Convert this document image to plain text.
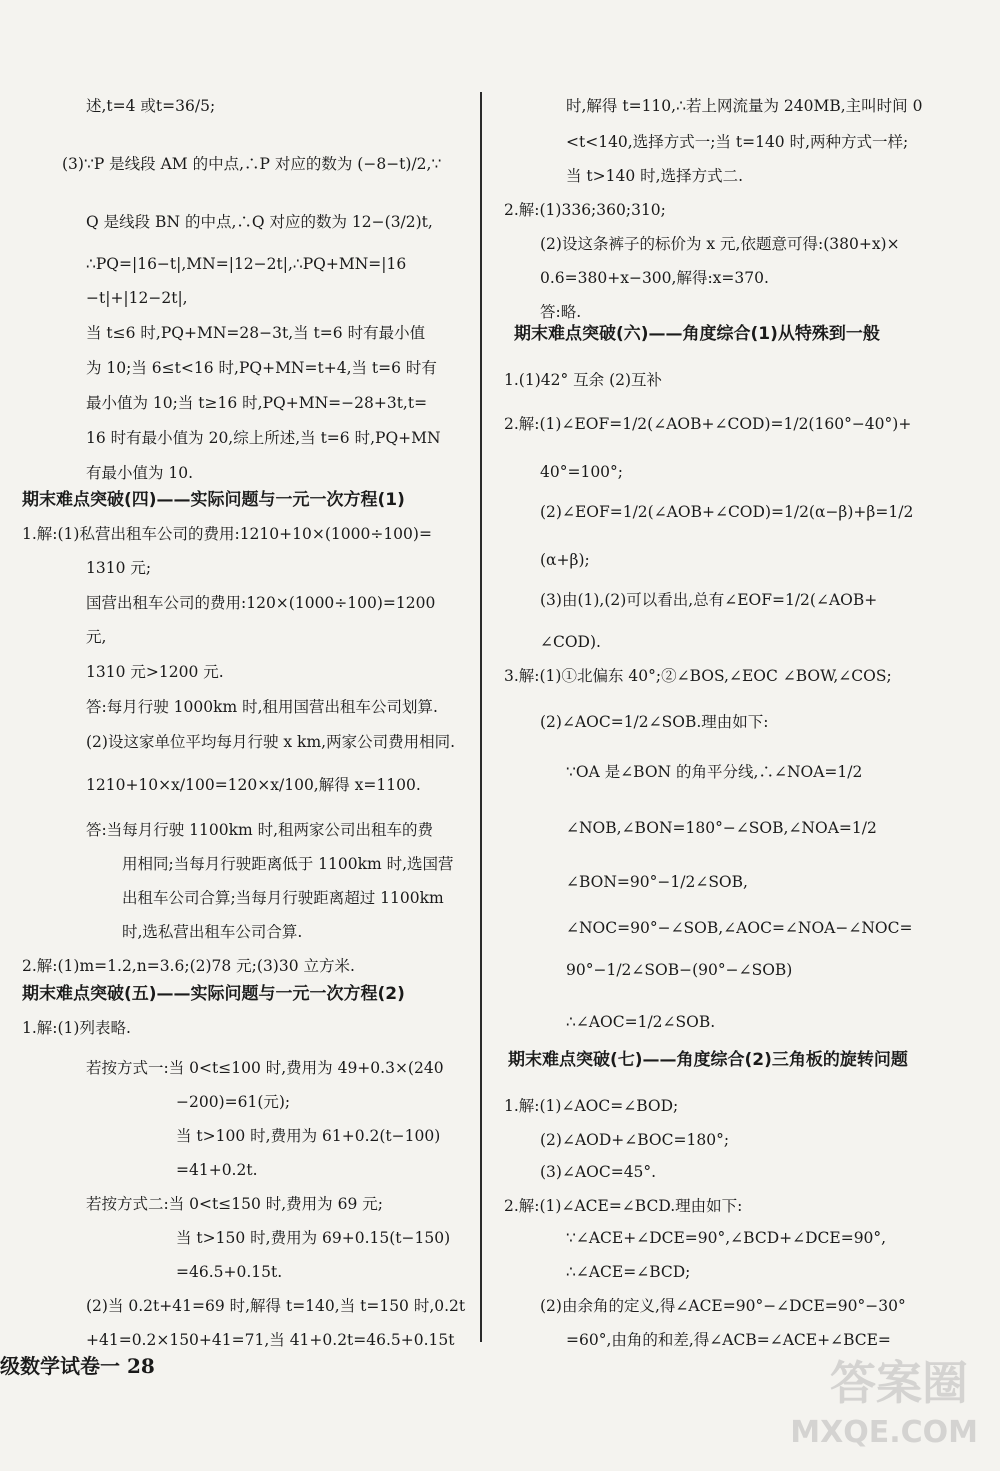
述,t=4 或t=36/5;
(3)∵P 是线段 AM 的中点,∴P 对应的数为 (−8−t)/2,∵
Q 是线段 BN 的中点,∴Q 对应的数为 12−(3/2)t,
∴PQ=|16−t|,MN=|12−2t|,∴PQ+MN=|16
−t|+|12−2t|,
当 t≤6 时,PQ+MN=28−3t,当 t=6 时有最小值
为 10;当 6≤t<16 时,PQ+MN=t+4,当 t=6 时有
最小值为 10;当 t≥16 时,PQ+MN=−28+3t,t=
16 时有最小值为 20,综上所述,当 t=6 时,PQ+MN
有最小值为 10.
1.解:(1)私营出租车公司的费用:1210+10×(1000÷100)=
1310 元;
国营出租车公司的费用:120×(1000÷100)=1200
元,
1310 元>1200 元.
答:每月行驶 1000km 时,租用国营出租车公司划算.
(2)设这家单位平均每月行驶 x km,两家公司费用相同.
1210+10×x/100=120×x/100,解得 x=1100.
答:当每月行驶 1100km 时,租两家公司出租车的费
用相同;当每月行驶距离低于 1100km 时,选国营
出租车公司合算;当每月行驶距离超过 1100km
时,选私营出租车公司合算.
2.解:(1)m=1.2,n=3.6;(2)78 元;(3)30 立方米.
1.解:(1)列表略.
若按方式一:当 0<t≤100 时,费用为 49+0.3×(240
−200)=61(元);
当 t>100 时,费用为 61+0.2(t−100)
=41+0.2t.
若按方式二:当 0<t≤150 时,费用为 69 元;
当 t>150 时,费用为 69+0.15(t−150)
=46.5+0.15t.
(2)当 0.2t+41=69 时,解得 t=140,当 t=150 时,0.2t
+41=0.2×150+41=71,当 41+0.2t=46.5+0.15t
期末难点突破(四)——实际问题与一元一次方程(1)
期末难点突破(五)——实际问题与一元一次方程(2)
时,解得 t=110,∴若上网流量为 240MB,主叫时间 0
<t<140,选择方式一;当 t=140 时,两种方式一样;
当 t>140 时,选择方式二.
2.解:(1)336;360;310;
(2)设这条裤子的标价为 x 元,依题意可得:(380+x)×
0.6=380+x−300,解得:x=370.
答:略.
1.(1)42° 互余 (2)互补
2.解:(1)∠EOF=1/2(∠AOB+∠COD)=1/2(160°−40°)+
40°=100°;
(2)∠EOF=1/2(∠AOB+∠COD)=1/2(α−β)+β=1/2
(α+β);
(3)由(1),(2)可以看出,总有∠EOF=1/2(∠AOB+
∠COD).
3.解:(1)①北偏东 40°;②∠BOS,∠EOC ∠BOW,∠COS;
(2)∠AOC=1/2∠SOB.理由如下:
∵OA 是∠BON 的角平分线,∴∠NOA=1/2
∠NOB,∠BON=180°−∠SOB,∠NOA=1/2
∠BON=90°−1/2∠SOB,
∠NOC=90°−∠SOB,∠AOC=∠NOA−∠NOC=
90°−1/2∠SOB−(90°−∠SOB)
∴∠AOC=1/2∠SOB.
1.解:(1)∠AOC=∠BOD;
(2)∠AOD+∠BOC=180°;
(3)∠AOC=45°.
2.解:(1)∠ACE=∠BCD.理由如下:
∵∠ACE+∠DCE=90°,∠BCD+∠DCE=90°,
∴∠ACE=∠BCD;
(2)由余角的定义,得∠ACE=90°−∠DCE=90°−30°
=60°,由角的和差,得∠ACB=∠ACE+∠BCE=
期末难点突破(六)——角度综合(1)从特殊到一般
期末难点突破(七)——角度综合(2)三角板的旋转问题
级数学试卷一 28	答案圈
MXQE.COM
